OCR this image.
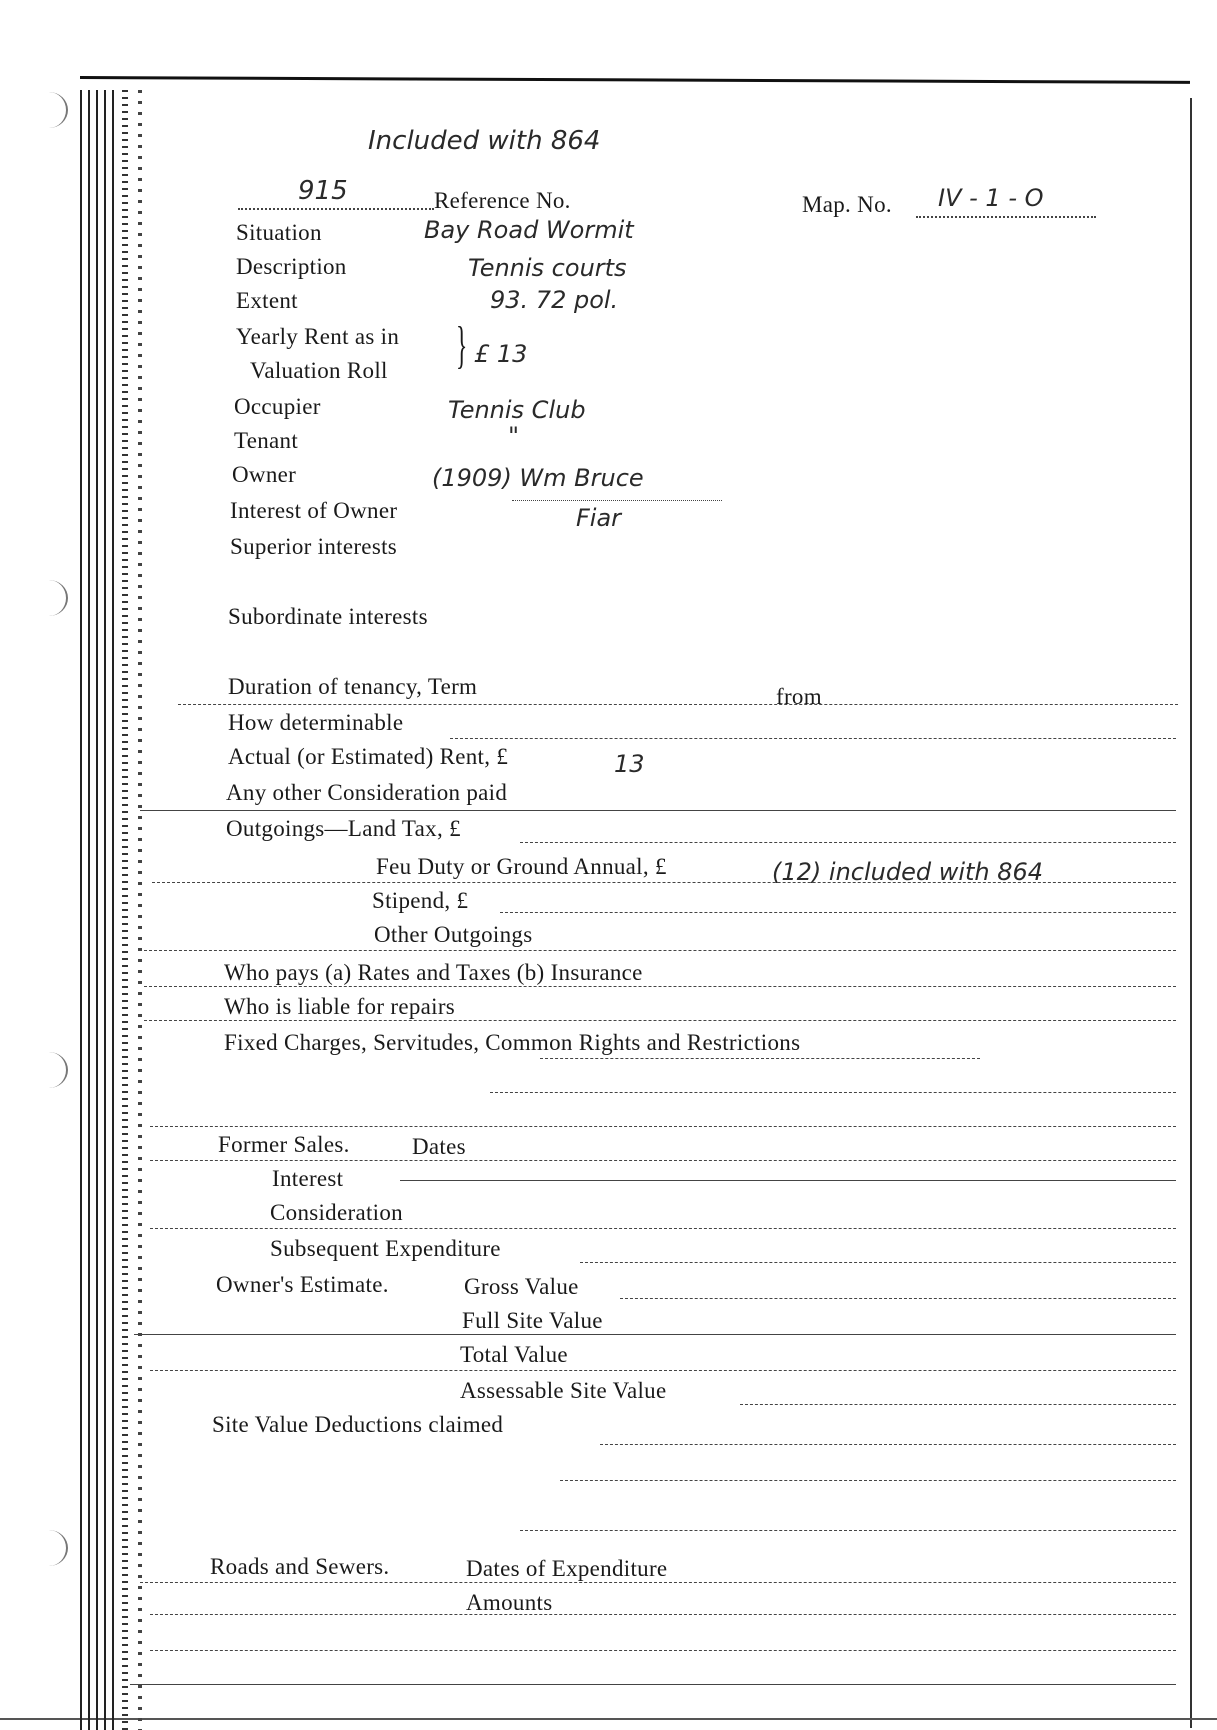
Included with 864
915	Reference No.	Map. No. IV - 1 - O
Situation	Bay Road Wormit
Description	Tennis courts
Extent	93. 72 pol.
Yearly Rent as in
Valuation Roll } £ 13
Occupier	Tennis Club
Tenant	"
Owner	(1909) Wm Bruce
Interest of Owner	Fiar
Superior interests
Subordinate interests
Duration of tenancy, Term	from
How determinable
Actual (or Estimated) Rent, £	13
Any other Consideration paid
Outgoings—Land Tax, £
Feu Duty or Ground Annual, £	(12) included with 864
Stipend, £
Other Outgoings
Who pays (a) Rates and Taxes (b) Insurance
Who is liable for repairs
Fixed Charges, Servitudes, Common Rights and Restrictions
Former Sales.	Dates
Interest
Consideration
Subsequent Expenditure
Owner's Estimate.	Gross Value
Full Site Value
Total Value
Assessable Site Value
Site Value Deductions claimed
Roads and Sewers.	Dates of Expenditure
Amounts
